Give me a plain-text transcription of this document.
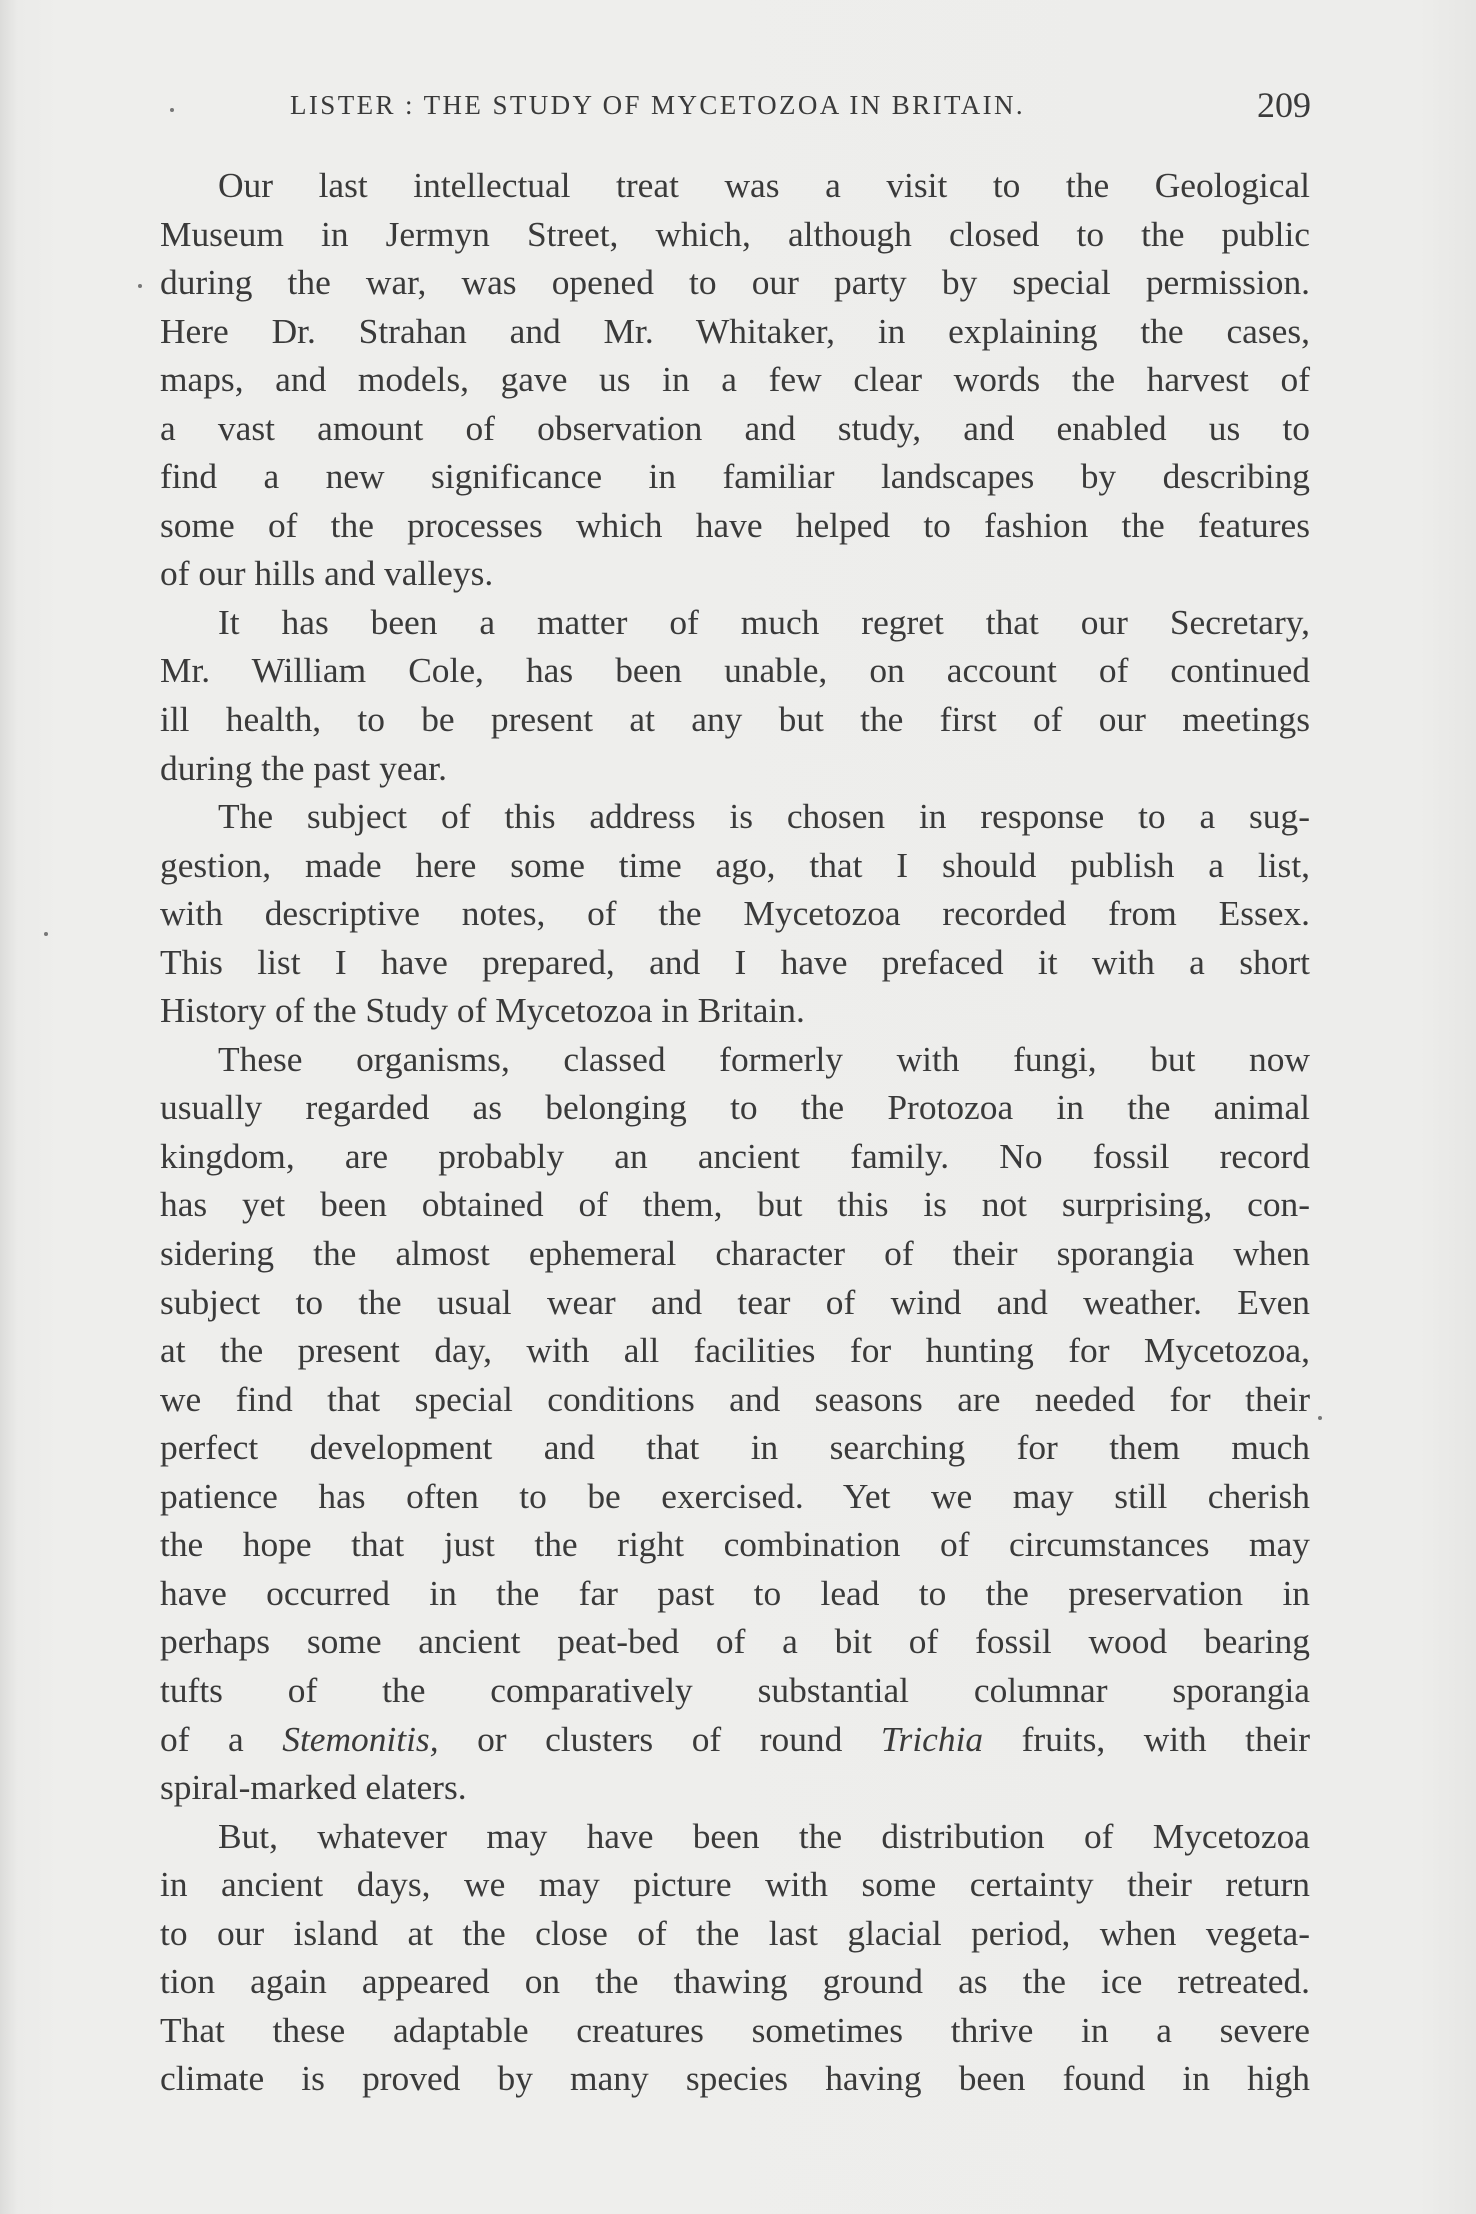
LISTER : THE STUDY OF MYCETOZOA IN BRITAIN.	209

Our last intellectual treat was a visit to the Geological
Museum in Jermyn Street, which, although closed to the public
during the war, was opened to our party by special permission.
Here Dr. Strahan and Mr. Whitaker, in explaining the cases,
maps, and models, gave us in a few clear words the harvest of
a vast amount of observation and study, and enabled us to
find a new significance in familiar landscapes by describing
some of the processes which have helped to fashion the features
of our hills and valleys.

It has been a matter of much regret that our Secretary,
Mr. William Cole, has been unable, on account of continued
ill health, to be present at any but the first of our meetings
during the past year.

The subject of this address is chosen in response to a sug-
gestion, made here some time ago, that I should publish a list,
with descriptive notes, of the Mycetozoa recorded from Essex.
This list I have prepared, and I have prefaced it with a short
History of the Study of Mycetozoa in Britain.

These organisms, classed formerly with fungi, but now
usually regarded as belonging to the Protozoa in the animal
kingdom, are probably an ancient family. No fossil record
has yet been obtained of them, but this is not surprising, con-
sidering the almost ephemeral character of their sporangia when
subject to the usual wear and tear of wind and weather. Even
at the present day, with all facilities for hunting for Mycetozoa,
we find that special conditions and seasons are needed for their
perfect development and that in searching for them much
patience has often to be exercised. Yet we may still cherish
the hope that just the right combination of circumstances may
have occurred in the far past to lead to the preservation in
perhaps some ancient peat-bed of a bit of fossil wood bearing
tufts of the comparatively substantial columnar sporangia
of a Stemonitis, or clusters of round Trichia fruits, with their
spiral-marked elaters.

But, whatever may have been the distribution of Mycetozoa
in ancient days, we may picture with some certainty their return
to our island at the close of the last glacial period, when vegeta-
tion again appeared on the thawing ground as the ice retreated.
That these adaptable creatures sometimes thrive in a severe
climate is proved by many species having been found in high
